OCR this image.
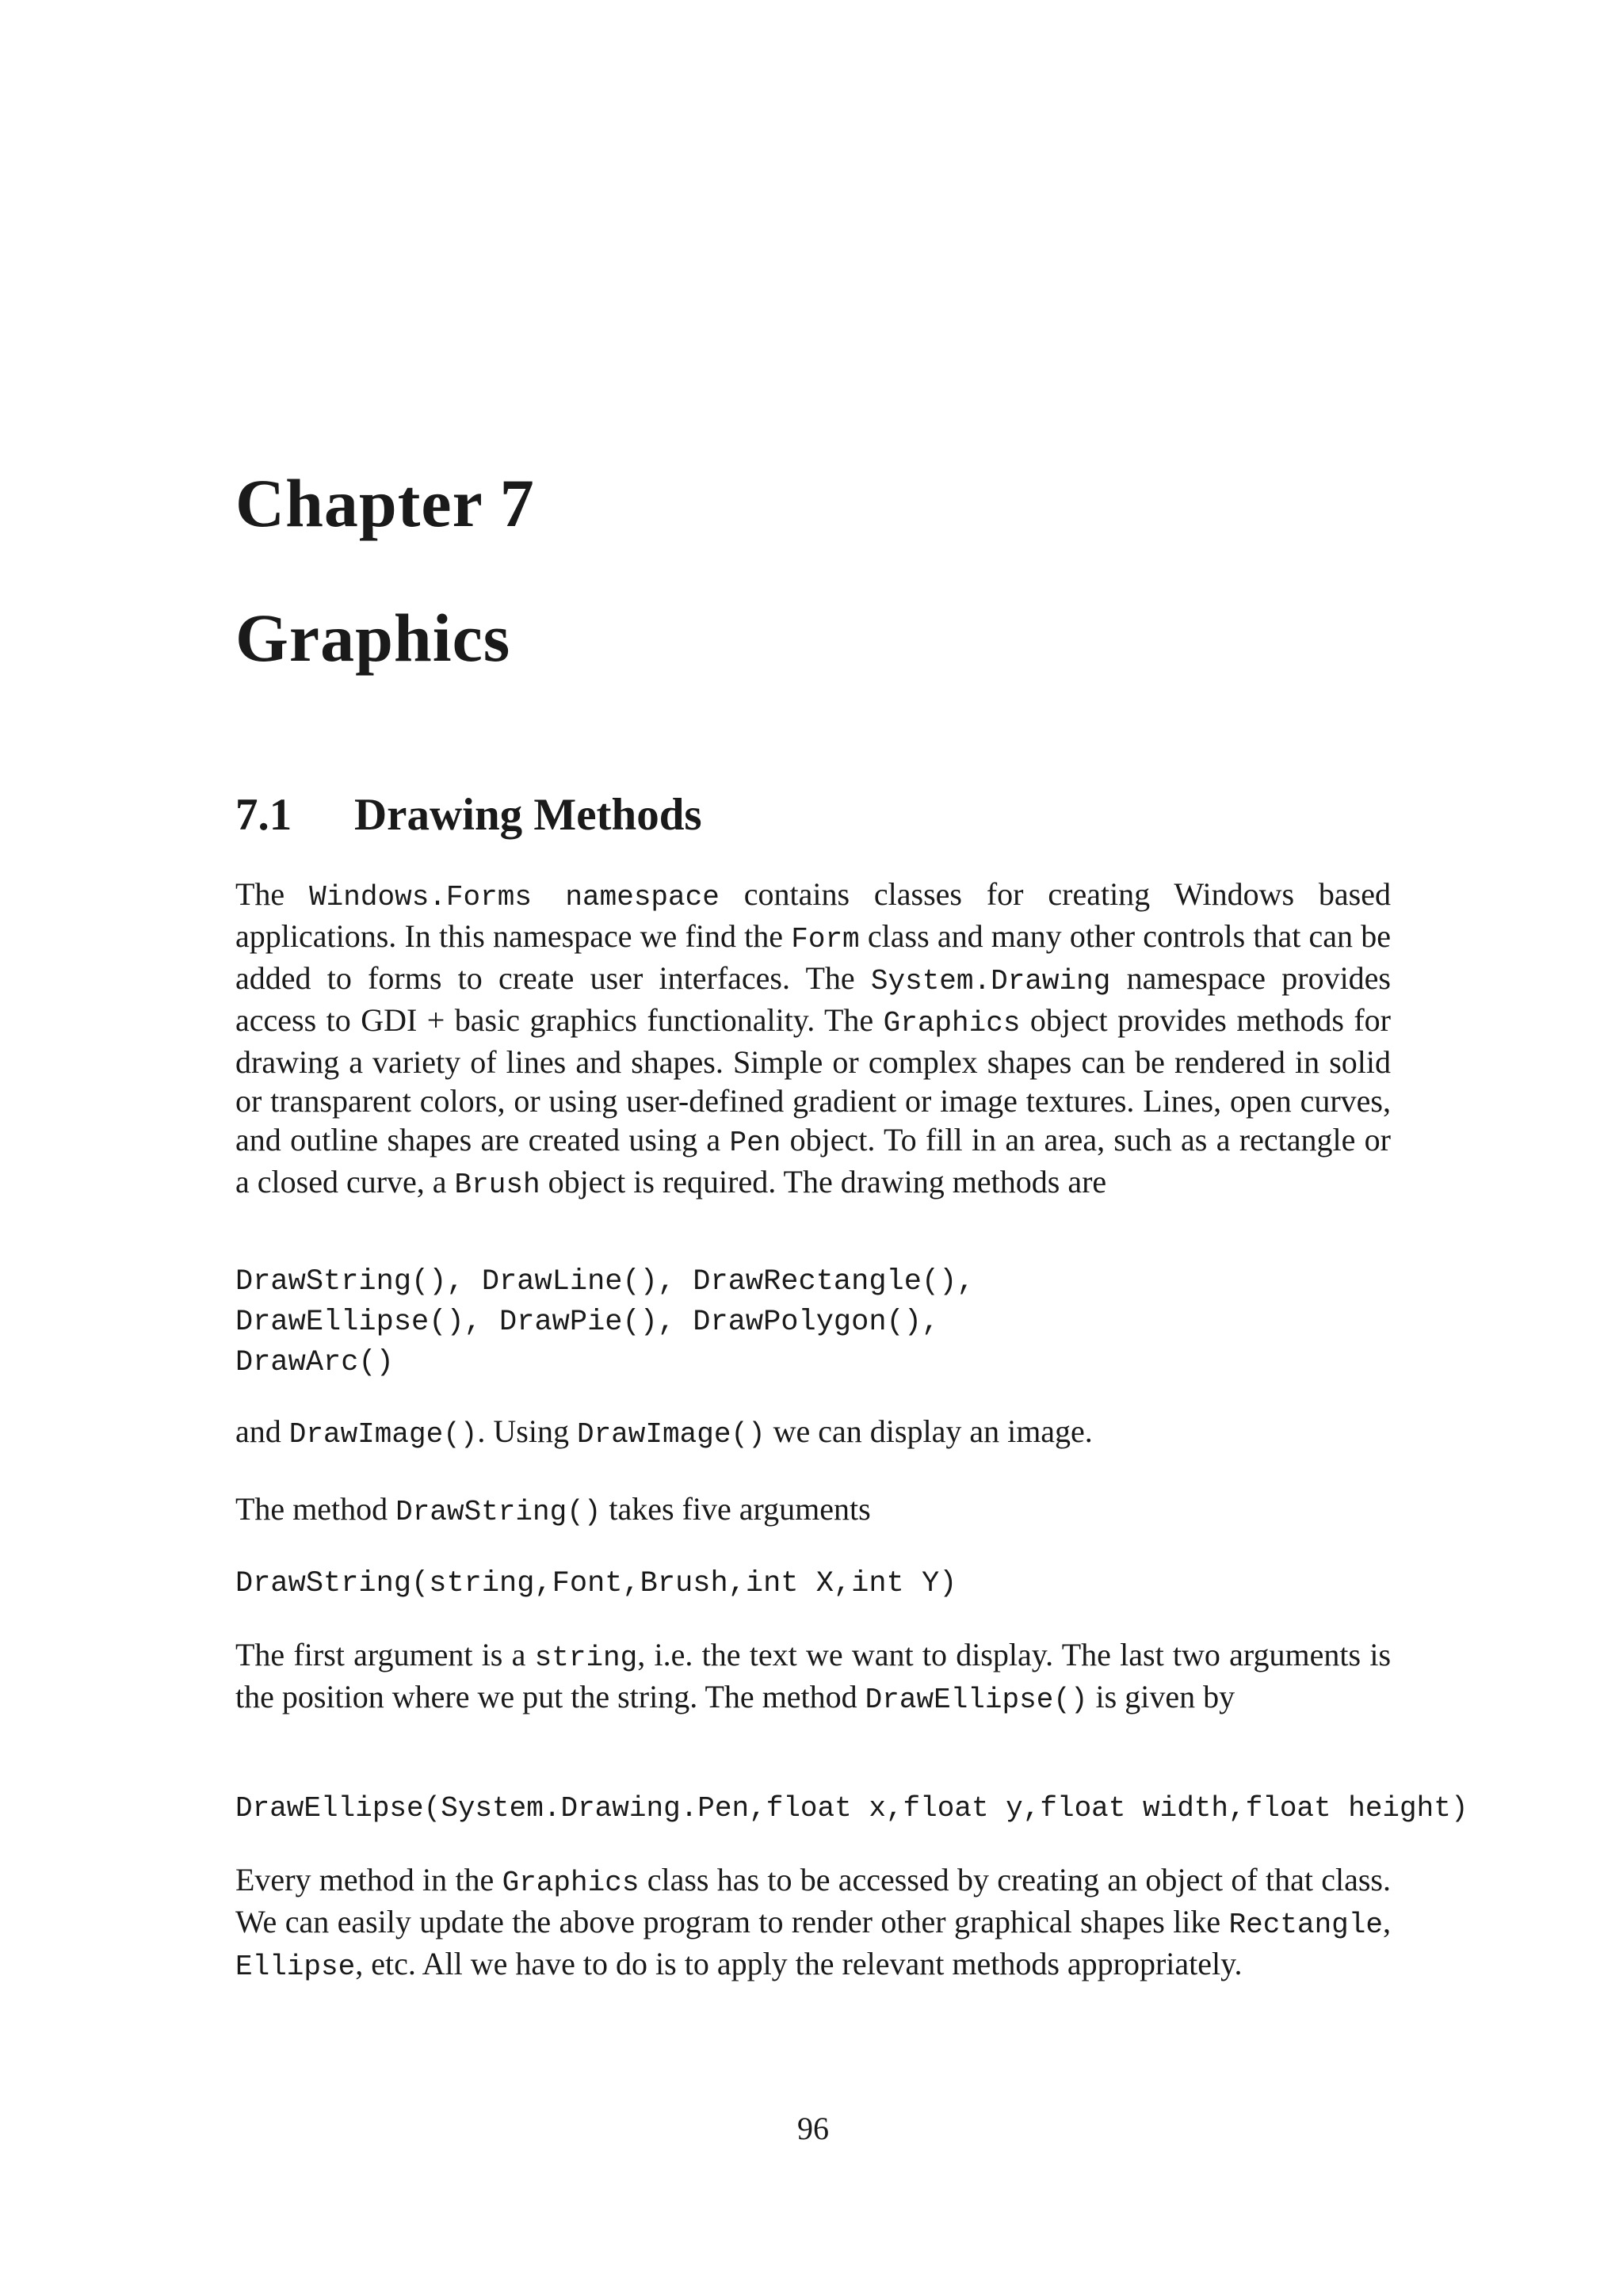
Chapter 7
Graphics
7.1 Drawing Methods

The Windows.Forms namespace contains classes for creating Windows based applications. In this namespace we find the Form class and many other controls that can be added to forms to create user interfaces. The System.Drawing namespace provides access to GDI + basic graphics functionality. The Graphics object provides methods for drawing a variety of lines and shapes. Simple or complex shapes can be rendered in solid or transparent colors, or using user-defined gradient or image textures. Lines, open curves, and outline shapes are created using a Pen object. To fill in an area, such as a rectangle or a closed curve, a Brush object is required. The drawing methods are

DrawString(), DrawLine(), DrawRectangle(),
DrawEllipse(), DrawPie(), DrawPolygon(),
DrawArc()

and DrawImage(). Using DrawImage() we can display an image.

The method DrawString() takes five arguments

DrawString(string,Font,Brush,int X,int Y)

The first argument is a string, i.e. the text we want to display. The last two arguments is the position where we put the string. The method DrawEllipse() is given by

DrawEllipse(System.Drawing.Pen,float x,float y,float width,float height)

Every method in the Graphics class has to be accessed by creating an object of that class. We can easily update the above program to render other graphical shapes like Rectangle, Ellipse, etc. All we have to do is to apply the relevant methods appropriately.

96
